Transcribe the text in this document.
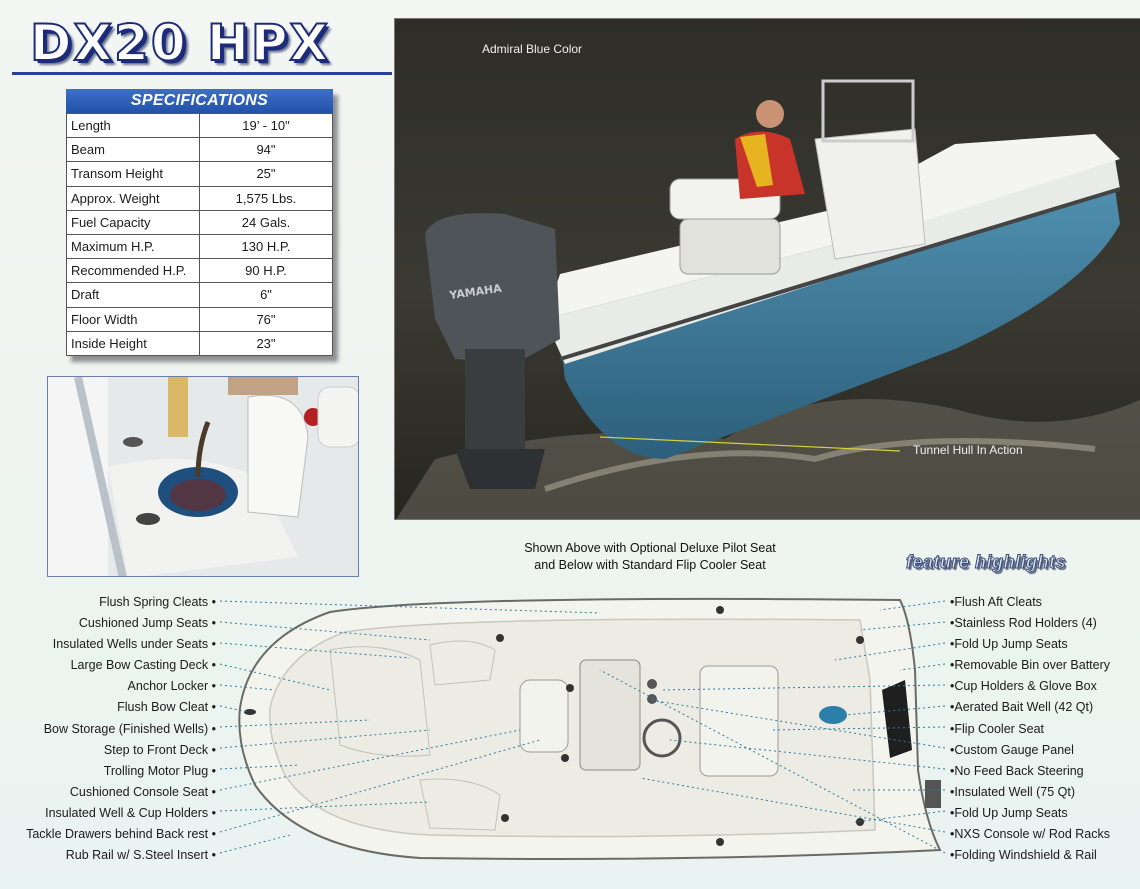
DX20 HPX
SPECIFICATIONS
Length	19’ - 10"
Beam	94"
Transom Height	25"
Approx. Weight	1,575 Lbs.
Fuel Capacity	24 Gals.
Maximum H.P.	130 H.P.
Recommended H.P.	90 H.P.
Draft	6"
Floor Width	76"
Inside Height	23"
YAMAHA
Admiral Blue Color
Tunnel Hull In Action
Shown Above with Optional Deluxe Pilot Seat
and Below with Standard Flip Cooler Seat	feature highlights
Flush Spring Cleats •
Cushioned Jump Seats •
Insulated Wells under Seats •
Large Bow Casting Deck •
Anchor Locker •
Flush Bow Cleat •
Bow Storage (Finished Wells) •
Step to Front Deck •
Trolling Motor Plug •
Cushioned Console Seat •
Insulated Well & Cup Holders •
Tackle Drawers behind Back rest •
Rub Rail w/ S.Steel Insert •
• Flush Aft Cleats
• Stainless Rod Holders (4)
• Fold Up Jump Seats
• Removable Bin over Battery
• Cup Holders & Glove Box
• Aerated Bait Well (42 Qt)
• Flip Cooler Seat
• Custom Gauge Panel
• No Feed Back Steering
• Insulated Well (75 Qt)
• Fold Up Jump Seats
• NXS Console w/ Rod Racks
• Folding Windshield & Rail
